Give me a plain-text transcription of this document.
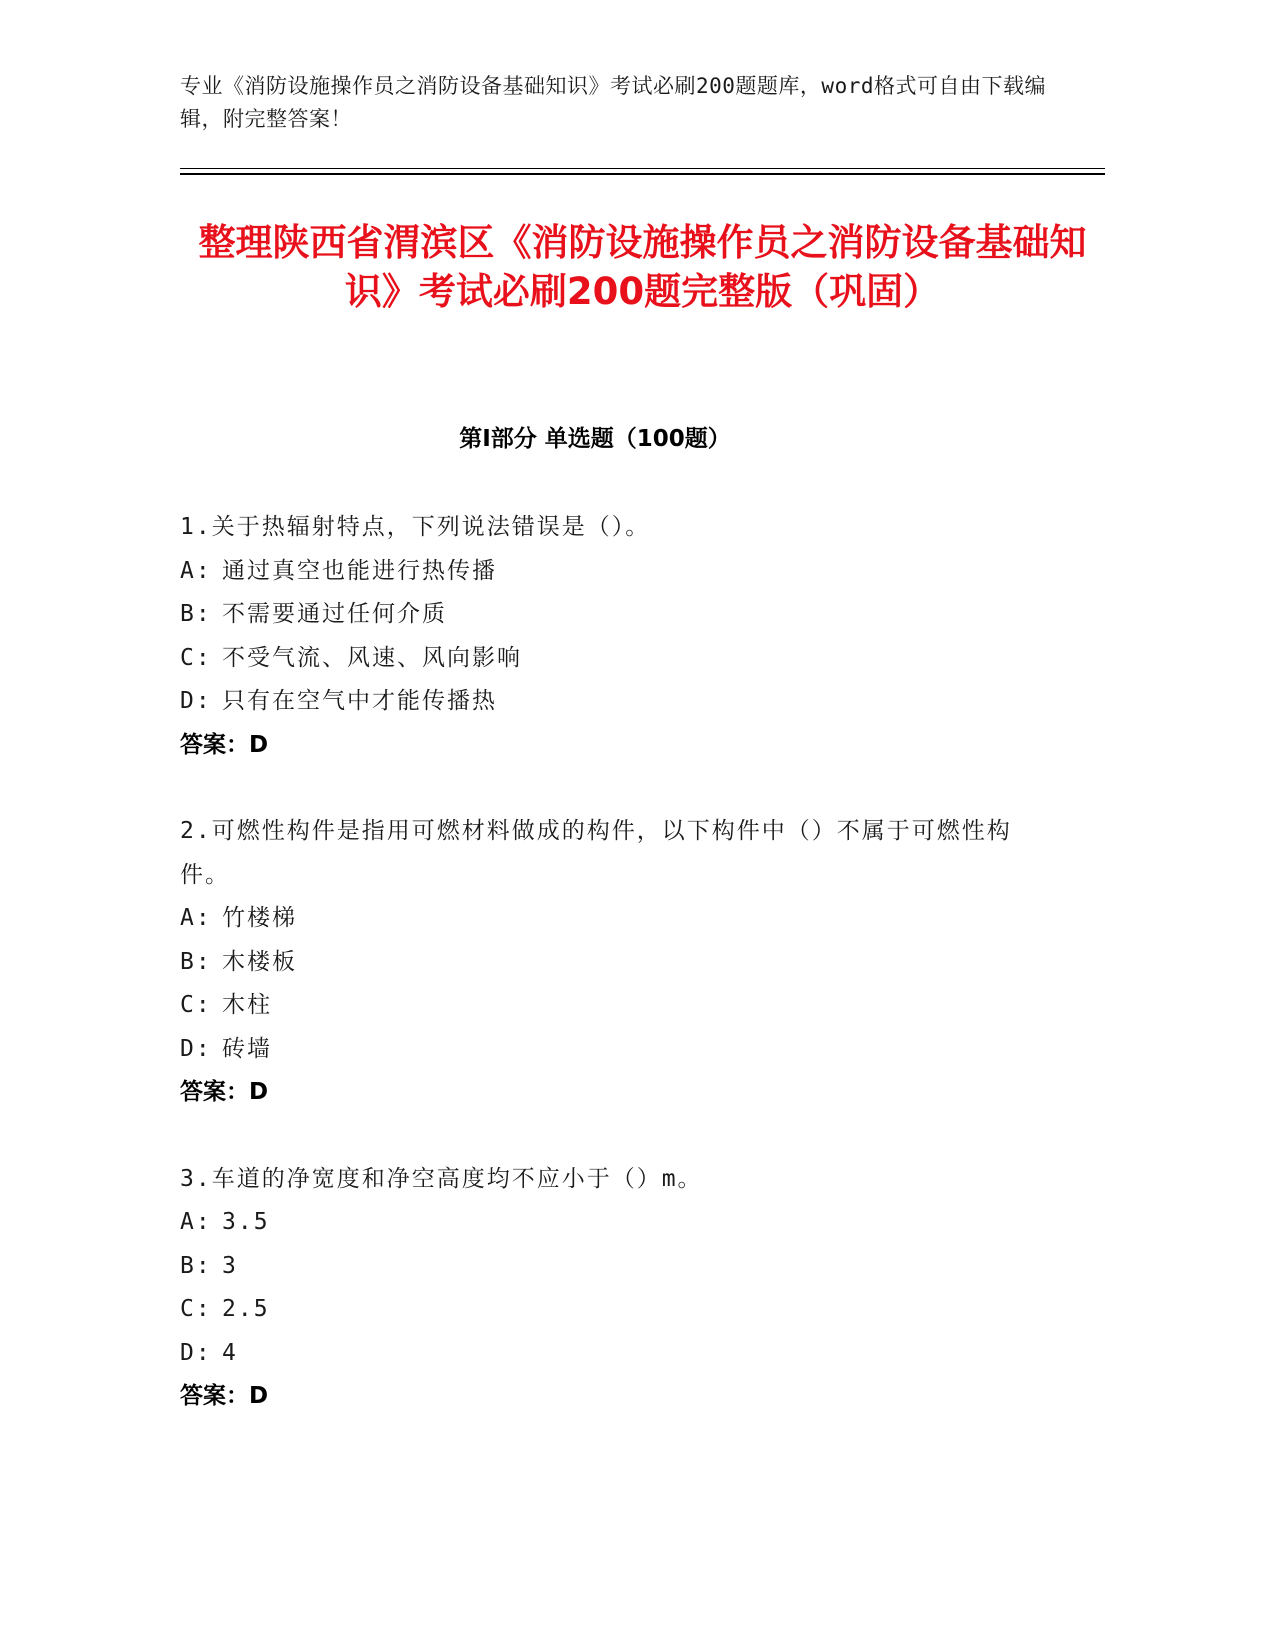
专业《消防设施操作员之消防设备基础知识》考试必刷200题题库，word格式可自由下载编辑，附完整答案！
整理陕西省渭滨区《消防设施操作员之消防设备基础知识》考试必刷200题完整版（巩固）
第Ⅰ部分 单选题（100题）
1.关于热辐射特点，下列说法错误是（）。
A: 通过真空也能进行热传播
B: 不需要通过任何介质
C: 不受气流、风速、风向影响
D: 只有在空气中才能传播热
答案：D
2.可燃性构件是指用可燃材料做成的构件，以下构件中（）不属于可燃性构件。
A: 竹楼梯
B: 木楼板
C: 木柱
D: 砖墙
答案：D
3.车道的净宽度和净空高度均不应小于（）m。
A: 3.5
B: 3
C: 2.5
D: 4
答案：D
